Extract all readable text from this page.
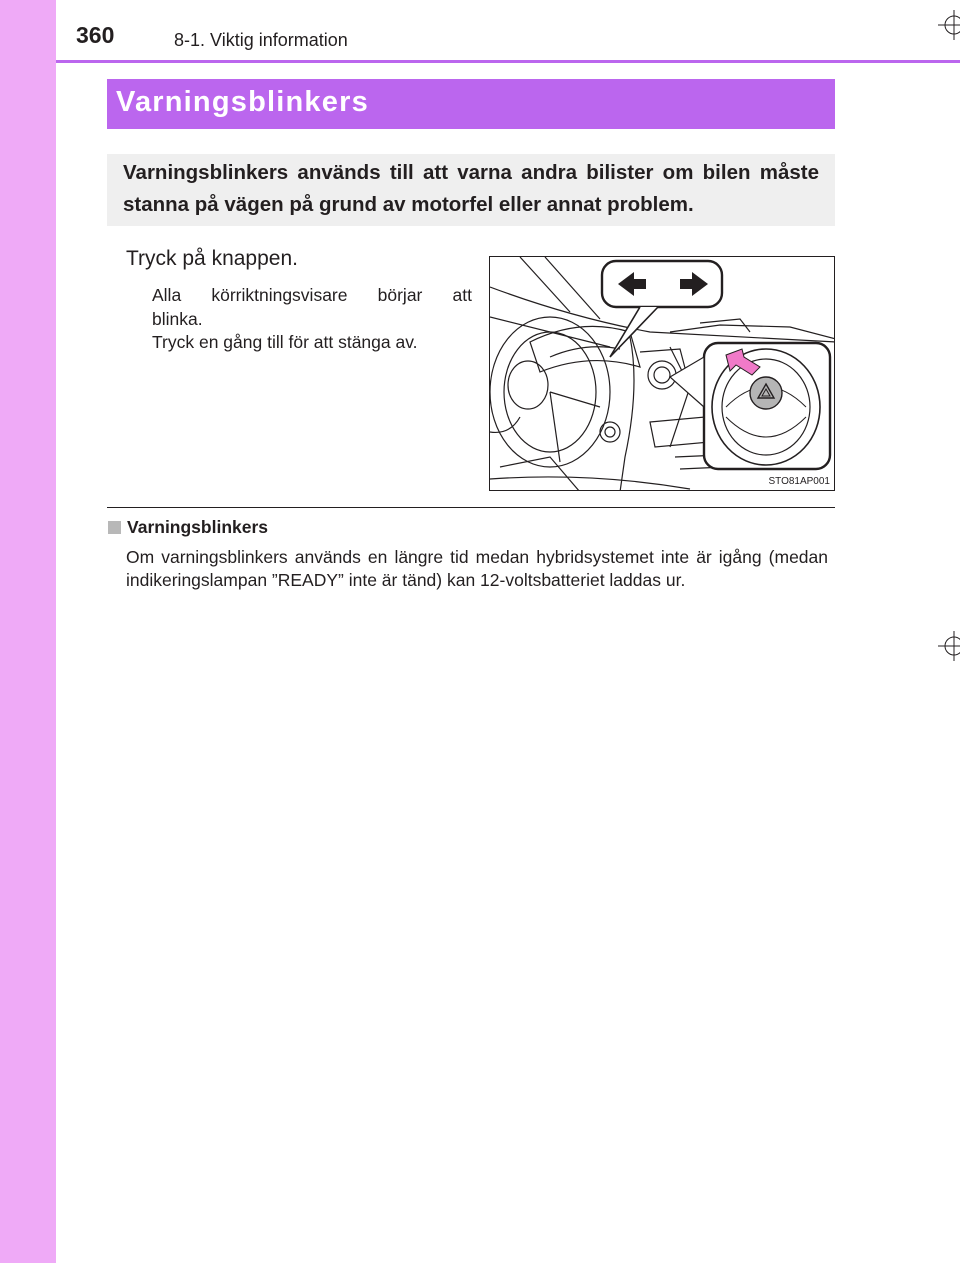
360	8-1. Viktig information
Varningsblinkers
Varningsblinkers används till att varna andra bilister om bilen måste stanna på vägen på grund av motorfel eller annat problem.
Tryck på knappen.
Alla körriktningsvisare börjar att
blinka.
Tryck en gång till för att stänga av.
STO81AP001
Varningsblinkers
Om varningsblinkers används en längre tid medan hybridsystemet inte är igång (medan indikeringslampan ”READY” inte är tänd) kan 12-voltsbatteriet laddas ur.
